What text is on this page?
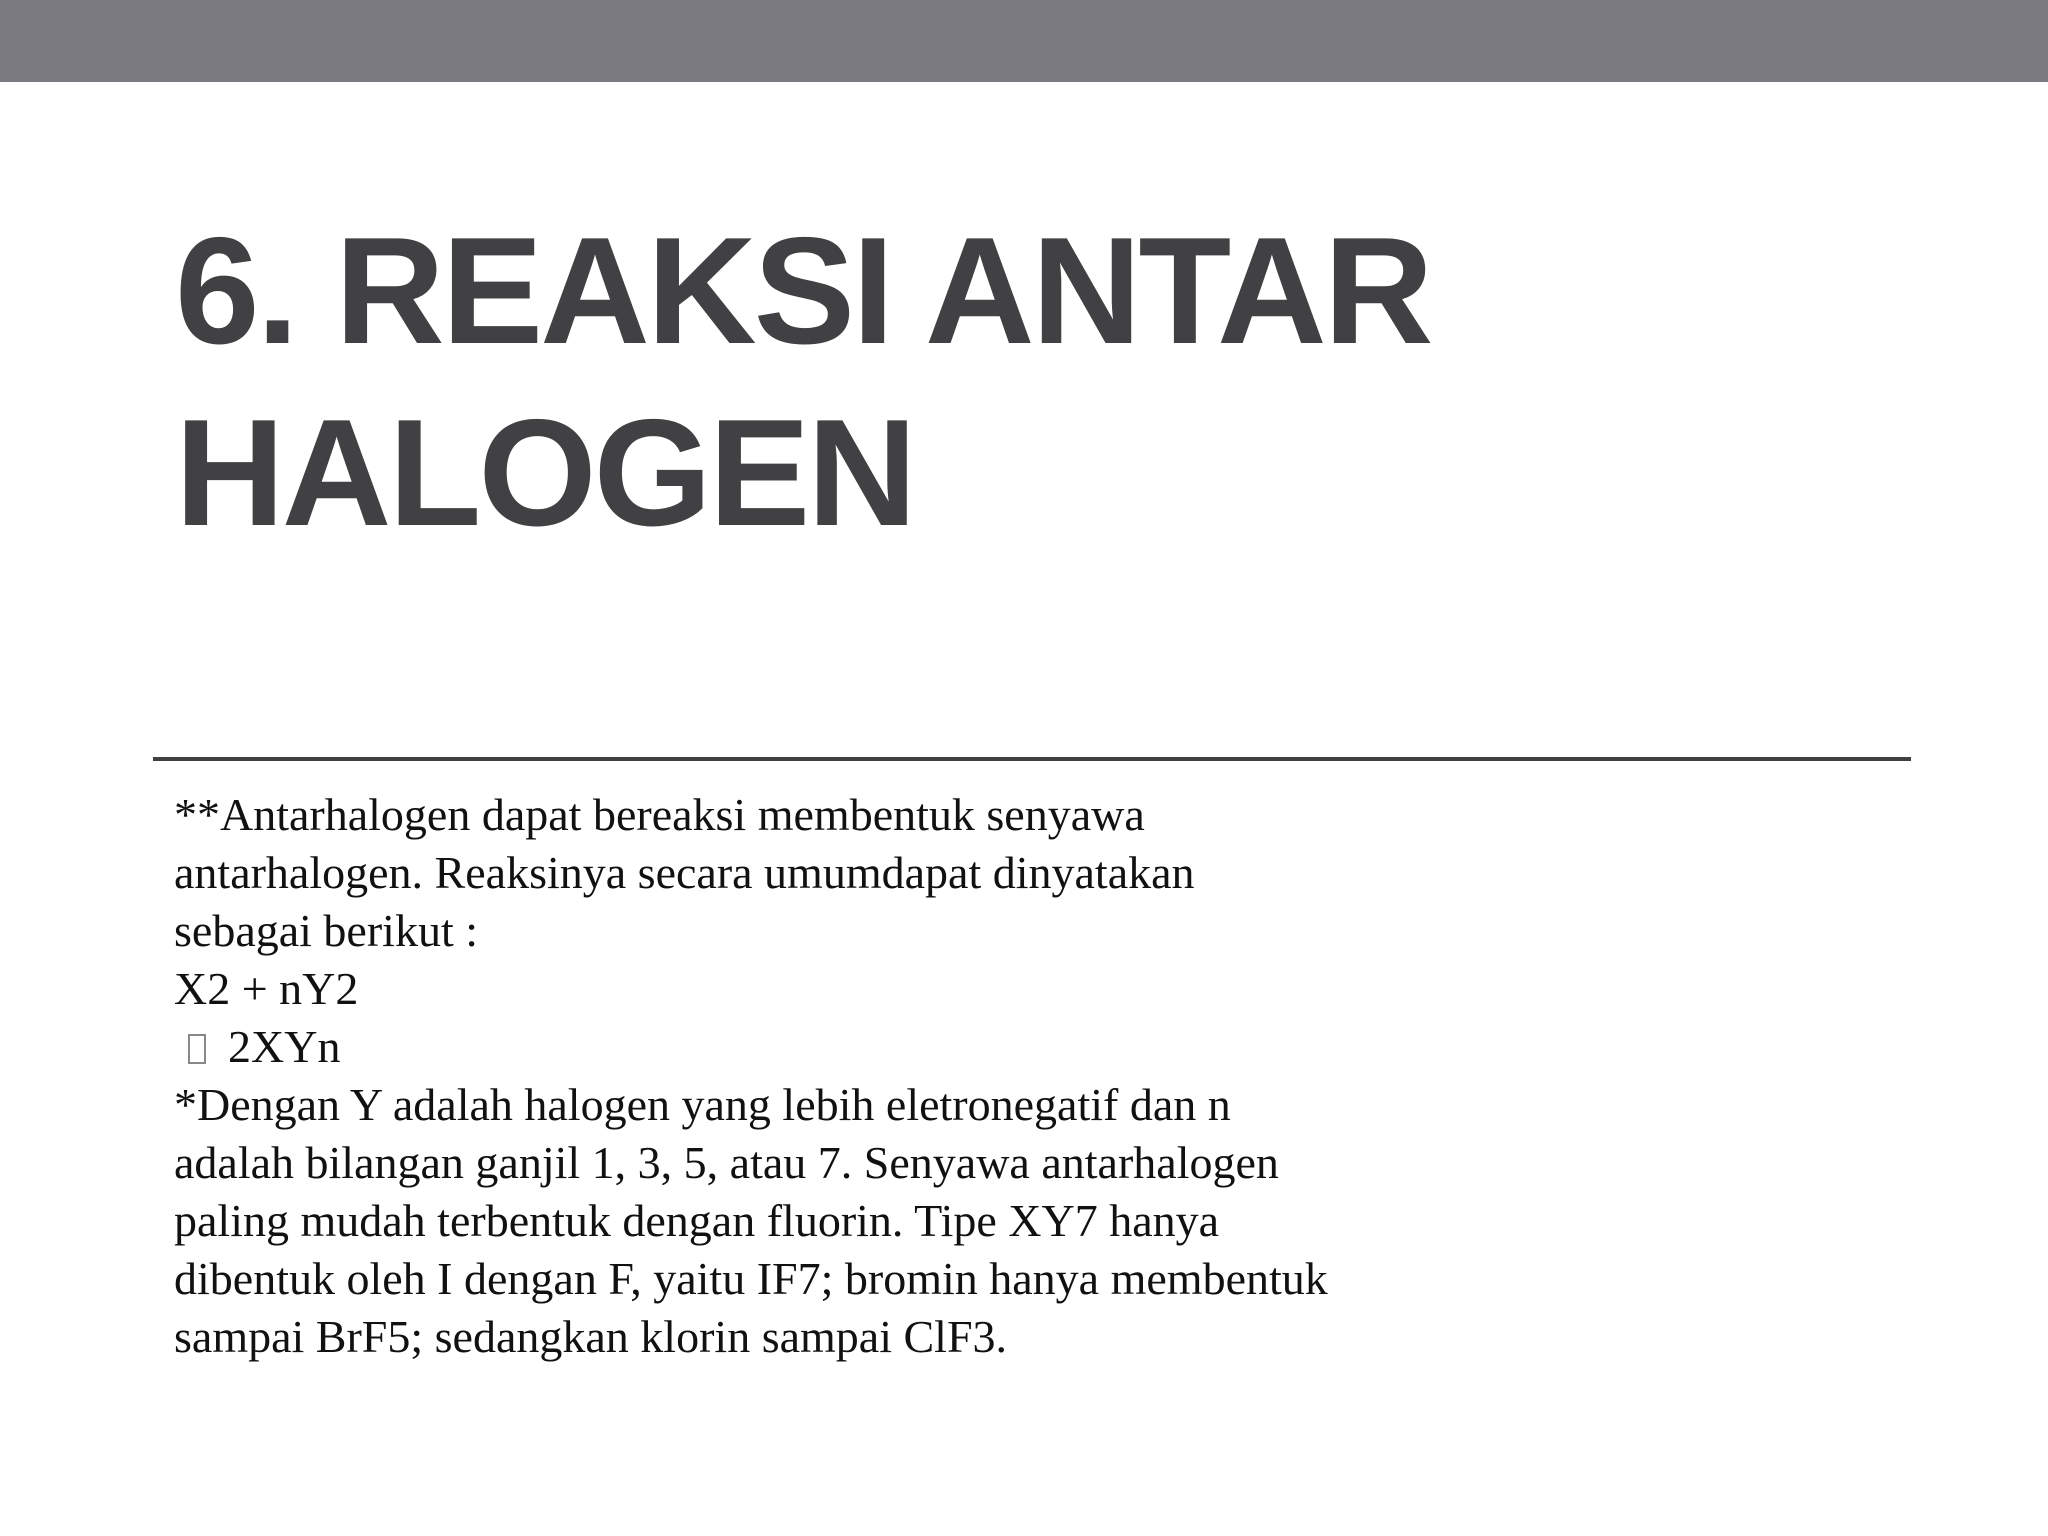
6. REAKSI ANTAR
HALOGEN
**Antarhalogen dapat bereaksi membentuk senyawa
antarhalogen. Reaksinya secara umumdapat dinyatakan
sebagai berikut :
X2 + nY2
2XYn
*Dengan Y adalah halogen yang lebih eletronegatif dan n
adalah bilangan ganjil 1, 3, 5, atau 7. Senyawa antarhalogen
paling mudah terbentuk dengan fluorin. Tipe XY7 hanya
dibentuk oleh I dengan F, yaitu IF7; bromin hanya membentuk
sampai BrF5; sedangkan klorin sampai ClF3.
